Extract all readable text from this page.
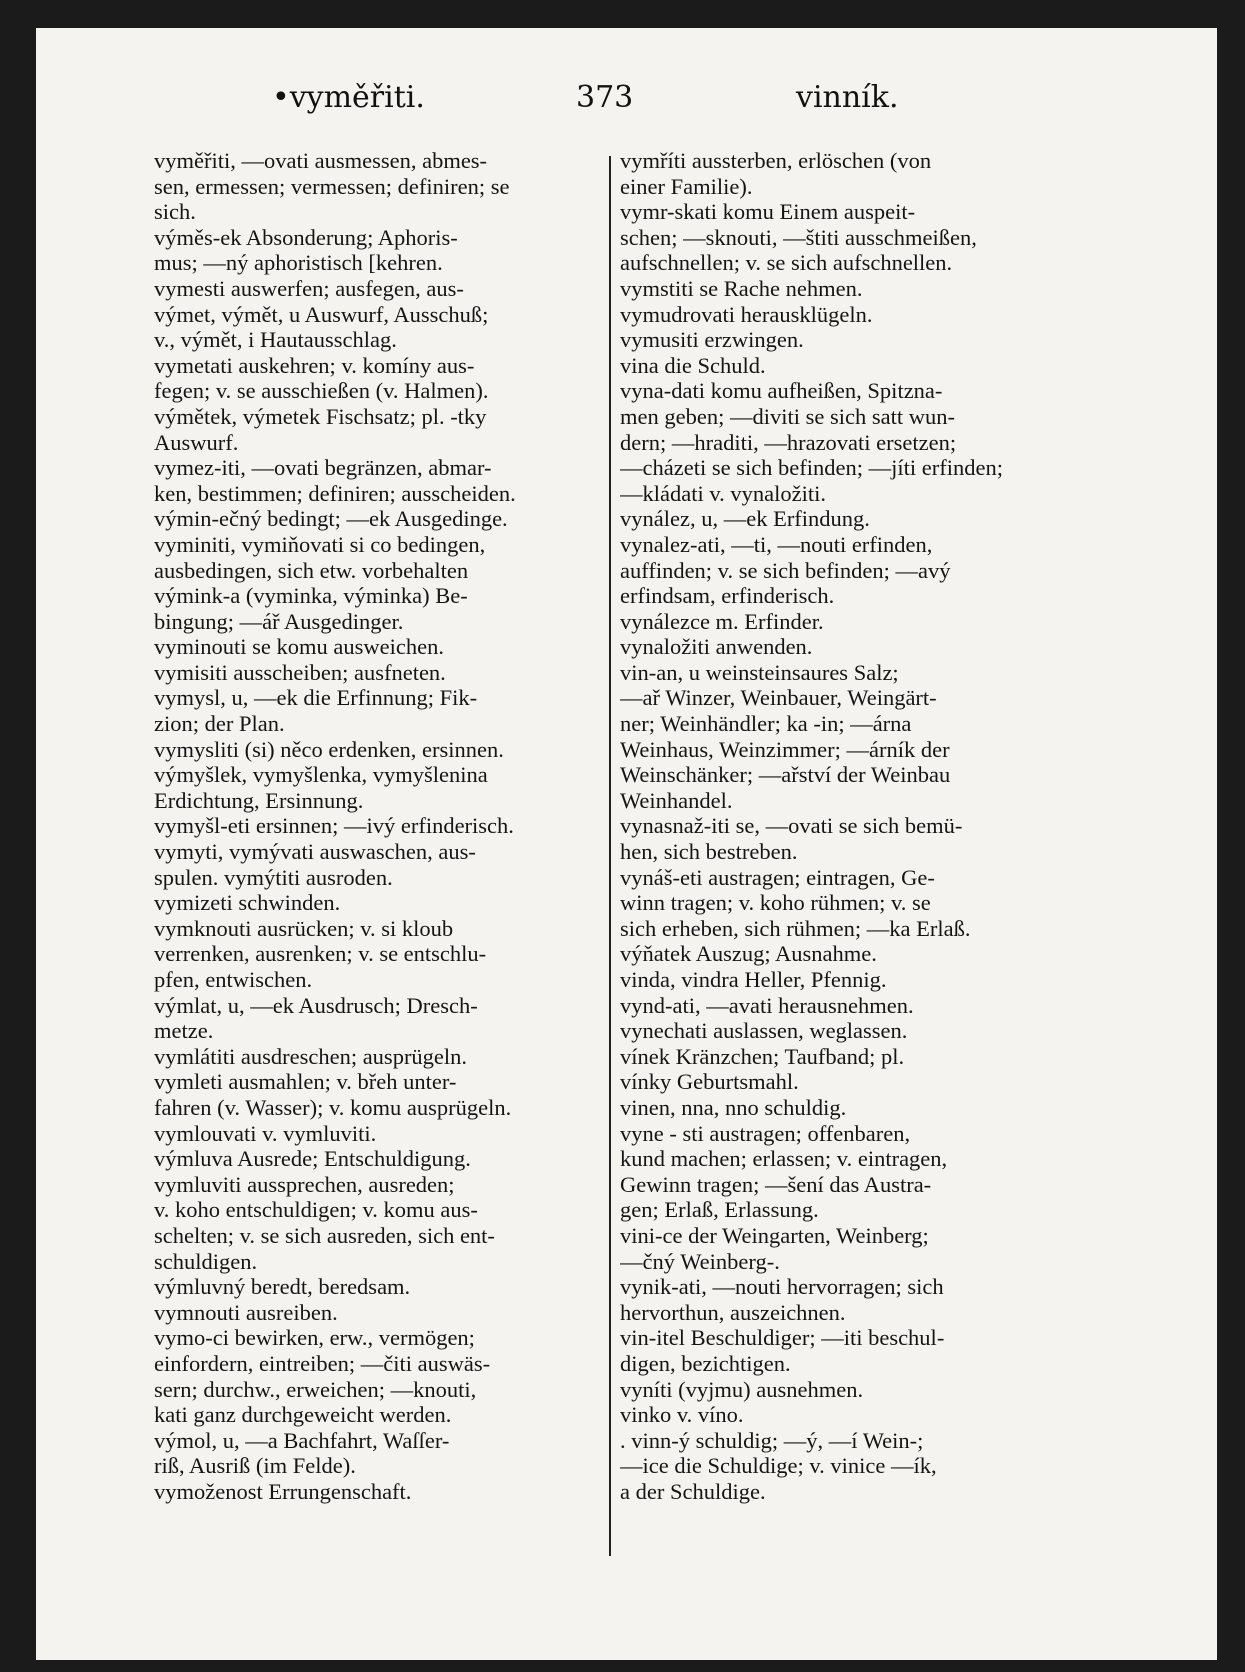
•vyměřiti.	373	vinník.
vyměřiti, —ovati ausmessen, abmes-
sen, ermessen; vermessen; definiren; se
sich.
výměs-ek Absonderung; Aphoris-
mus; —ný aphoristisch [kehren.
vymesti auswerfen; ausfegen, aus-
výmet, výmět, u Auswurf, Ausschuß;
v., výmět, i Hautausschlag.
vymetati auskehren; v. komíny aus-
fegen; v. se ausschießen (v. Halmen).
výmětek, výmetek Fischsatz; pl. -tky
Auswurf.
vymez-iti, —ovati begränzen, abmar-
ken, bestimmen; definiren; ausscheiden.
výmin-ečný bedingt; —ek Ausgedinge.
vyminiti, vymiňovati si co bedingen,
ausbedingen, sich etw. vorbehalten
výmink-a (vyminka, výminka) Be-
bingung; —ář Ausgedinger.
vyminouti se komu ausweichen.
vymisiti ausscheiben; ausfneten.
vymysl, u, —ek die Erfinnung; Fik-
zion; der Plan.
vymysliti (si) něco erdenken, ersinnen.
výmyšlek, vymyšlenka, vymyšlenina
Erdichtung, Ersinnung.
vymyšl-eti ersinnen; —ivý erfinderisch.
vymyti, vymývati auswaschen, aus-
spulen. vymýtiti ausroden.
vymizeti schwinden.
vymknouti ausrücken; v. si kloub
verrenken, ausrenken; v. se entschlu-
pfen, entwischen.
výmlat, u, —ek Ausdrusch; Dresch-
metze.
vymlátiti ausdreschen; ausprügeln.
vymleti ausmahlen; v. břeh unter-
fahren (v. Wasser); v. komu ausprügeln.
vymlouvati v. vymluviti.
výmluva Ausrede; Entschuldigung.
vymluviti aussprechen, ausreden;
v. koho entschuldigen; v. komu aus-
schelten; v. se sich ausreden, sich ent-
schuldigen.
výmluvný beredt, beredsam.
vymnouti ausreiben.
vymo-ci bewirken, erw., vermögen;
einfordern, eintreiben; —čiti auswäs-
sern; durchw., erweichen; —knouti,
kati ganz durchgeweicht werden.
výmol, u, —a Bachfahrt, Waſſer-
riß, Ausriß (im Felde).
vymoženost Errungenschaft.
vymříti aussterben, erlöschen (von
einer Familie).
vymr-skati komu Einem auspeit-
schen; —sknouti, —štiti ausschmeißen,
aufschnellen; v. se sich aufschnellen.
vymstiti se Rache nehmen.
vymudrovati herausklügeln.
vymusiti erzwingen.
vina die Schuld.
vyna-dati komu aufheißen, Spitzna-
men geben; —diviti se sich satt wun-
dern; —hraditi, —hrazovati ersetzen;
—cházeti se sich befinden; —jíti erfinden;
—kládati v. vynaložiti.
vynález, u, —ek Erfindung.
vynalez-ati, —ti, —nouti erfinden,
auffinden; v. se sich befinden; —avý
erfindsam, erfinderisch.
vynálezce m. Erfinder.
vynaložiti anwenden.
vin-an, u weinsteinsaures Salz;
—ař Winzer, Weinbauer, Weingärt-
ner; Weinhändler; ka -in; —árna
Weinhaus, Weinzimmer; —árník der
Weinschänker; —ařství der Weinbau
Weinhandel.
vynasnaž-iti se, —ovati se sich bemü-
hen, sich bestreben.
vynáš-eti austragen; eintragen, Ge-
winn tragen; v. koho rühmen; v. se
sich erheben, sich rühmen; —ka Erlaß.
výňatek Auszug; Ausnahme.
vinda, vindra Heller, Pfennig.
vynd-ati, —avati herausnehmen.
vynechati auslassen, weglassen.
vínek Kränzchen; Taufband; pl.
vínky Geburtsmahl.
vinen, nna, nno schuldig.
vyne - sti austragen; offenbaren,
kund machen; erlassen; v. eintragen,
Gewinn tragen; —šení das Austra-
gen; Erlaß, Erlassung.
vini-ce der Weingarten, Weinberg;
—čný Weinberg-.
vynik-ati, —nouti hervorragen; sich
hervorthun, auszeichnen.
vin-itel Beschuldiger; —iti beschul-
digen, bezichtigen.
vyníti (vyjmu) ausnehmen.
vinko v. víno.
. vinn-ý schuldig; —ý, —í Wein-;
—ice die Schuldige; v. vinice —ík,
a der Schuldige.
